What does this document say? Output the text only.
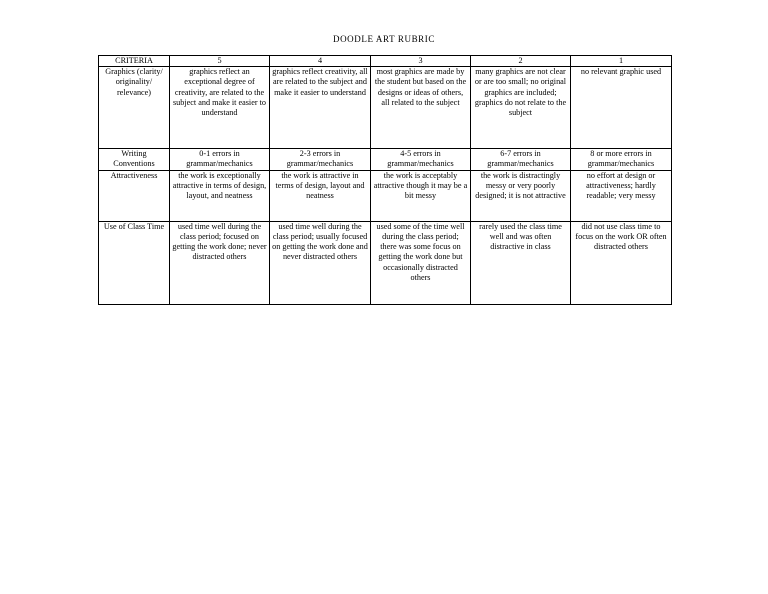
DOODLE ART RUBRIC
CRITERIA	5	4	3	2	1
Graphics (clarity/ originality/ relevance)	graphics reflect an exceptional degree of creativity, are related to the subject and make it easier to understand	graphics reflect creativity, all are related to the subject and make it easier to understand	most graphics are made by the student but based on the designs or ideas of others, all related to the subject	many graphics are not clear or are too small; no original graphics are included; graphics do not relate to the subject	no relevant graphic used
Writing Conventions	0-1 errors in grammar/mechanics	2-3 errors in grammar/mechanics	4-5 errors in grammar/mechanics	6-7 errors in grammar/mechanics	8 or more errors in grammar/mechanics
Attractiveness	the work is exceptionally attractive in terms of design, layout, and neatness	the work is attractive in terms of design, layout and neatness	the work is acceptably attractive though it may be a bit messy	the work is distractingly messy or very poorly designed; it is not attractive	no effort at design or attractiveness; hardly readable; very messy
Use of Class Time	used time well during the class period; focused on getting the work done; never distracted others	used time well during the class period; usually focused on getting the work done and never distracted others	used some of the time well during the class period; there was some focus on getting the work done but occasionally distracted others	rarely used the class time well and was often distractive in class	did not use class time to focus on the work OR often distracted others
